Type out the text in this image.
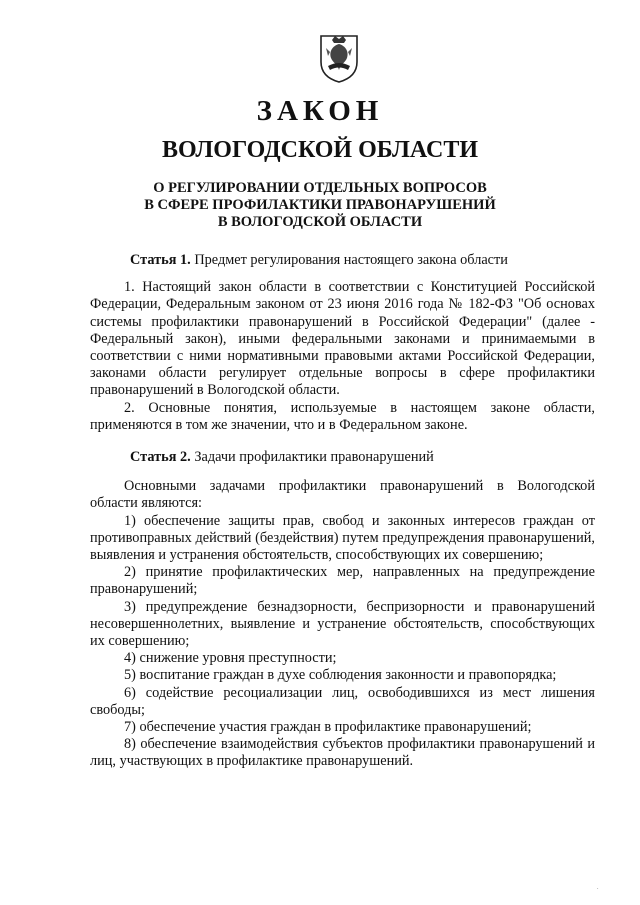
ЗАКОН
ВОЛОГОДСКОЙ ОБЛАСТИ
О РЕГУЛИРОВАНИИ ОТДЕЛЬНЫХ ВОПРОСОВ
В СФЕРЕ ПРОФИЛАКТИКИ ПРАВОНАРУШЕНИЙ
В ВОЛОГОДСКОЙ ОБЛАСТИ

Статья 1. Предмет регулирования настоящего закона области

1. Настоящий закон области в соответствии с Конституцией Российской Федерации, Федеральным законом от 23 июня 2016 года № 182-ФЗ "Об основах системы профилактики правонарушений в Российской Федерации" (далее - Федеральный закон), иными федеральными законами и принимаемыми в соответствии с ними нормативными правовыми актами Российской Федерации, законами области регулирует отдельные вопросы в сфере профилактики правонарушений в Вологодской области.

2. Основные понятия, используемые в настоящем законе области, применяются в том же значении, что и в Федеральном законе.

Статья 2. Задачи профилактики правонарушений

Основными задачами профилактики правонарушений в Вологодской области являются:

1) обеспечение защиты прав, свобод и законных интересов граждан от противоправных действий (бездействия) путем предупреждения правонарушений, выявления и устранения обстоятельств, способствующих их совершению;

2) принятие профилактических мер, направленных на предупреждение правонарушений;

3) предупреждение безнадзорности, беспризорности и правонарушений несовершеннолетних, выявление и устранение обстоятельств, способствующих их совершению;

4) снижение уровня преступности;

5) воспитание граждан в духе соблюдения законности и правопорядка;

6) содействие ресоциализации лиц, освободившихся из мест лишения свободы;

7) обеспечение участия граждан в профилактике правонарушений;

8) обеспечение взаимодействия субъектов профилактики правонарушений и лиц, участвующих в профилактике правонарушений.

.
